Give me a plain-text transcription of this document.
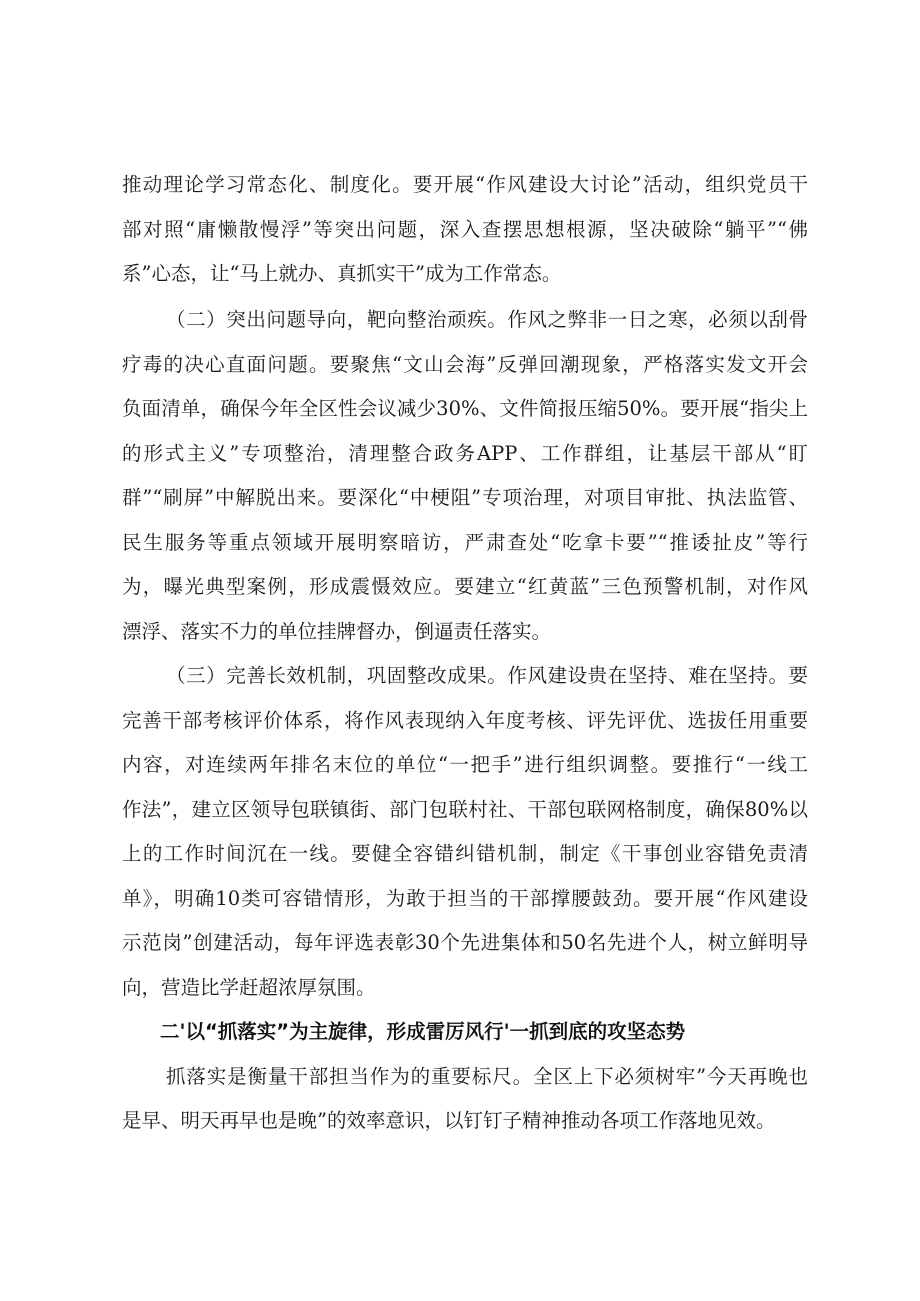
推动理论学习常态化、制度化。要开展“作风建设大讨论”活动，组织党员干
部对照“庸懒散慢浮”等突出问题，深入查摆思想根源，坚决破除“躺平”“佛
系”心态，让“马上就办、真抓实干”成为工作常态。
（二）突出问题导向，靶向整治顽疾。作风之弊非一日之寒，必须以刮骨
疗毒的决心直面问题。要聚焦“文山会海”反弹回潮现象，严格落实发文开会
负面清单，确保今年全区性会议减少30%、文件简报压缩50%。要开展“指尖上
的形式主义”专项整治，清理整合政务APP、工作群组，让基层干部从“盯
群”“刷屏”中解脱出来。要深化“中梗阻”专项治理，对项目审批、执法监管、
民生服务等重点领域开展明察暗访，严肃查处“吃拿卡要”“推诿扯皮”等行
为，曝光典型案例，形成震慑效应。要建立“红黄蓝”三色预警机制，对作风
漂浮、落实不力的单位挂牌督办，倒逼责任落实。
（三）完善长效机制，巩固整改成果。作风建设贵在坚持、难在坚持。要
完善干部考核评价体系，将作风表现纳入年度考核、评先评优、选拔任用重要
内容，对连续两年排名末位的单位“一把手”进行组织调整。要推行“一线工
作法”，建立区领导包联镇街、部门包联村社、干部包联网格制度，确保80%以
上的工作时间沉在一线。要健全容错纠错机制，制定《干事创业容错免责清
单》，明确10类可容错情形，为敢于担当的干部撑腰鼓劲。要开展“作风建设
示范岗”创建活动，每年评选表彰30个先进集体和50名先进个人，树立鲜明导
向，营造比学赶超浓厚氛围。
二'以“抓落实”为主旋律，形成雷厉风行'一抓到底的攻坚态势
抓落实是衡量干部担当作为的重要标尺。全区上下必须树牢”今天再晚也
是早、明天再早也是晚”的效率意识，以钉钉子精神推动各项工作落地见效。
